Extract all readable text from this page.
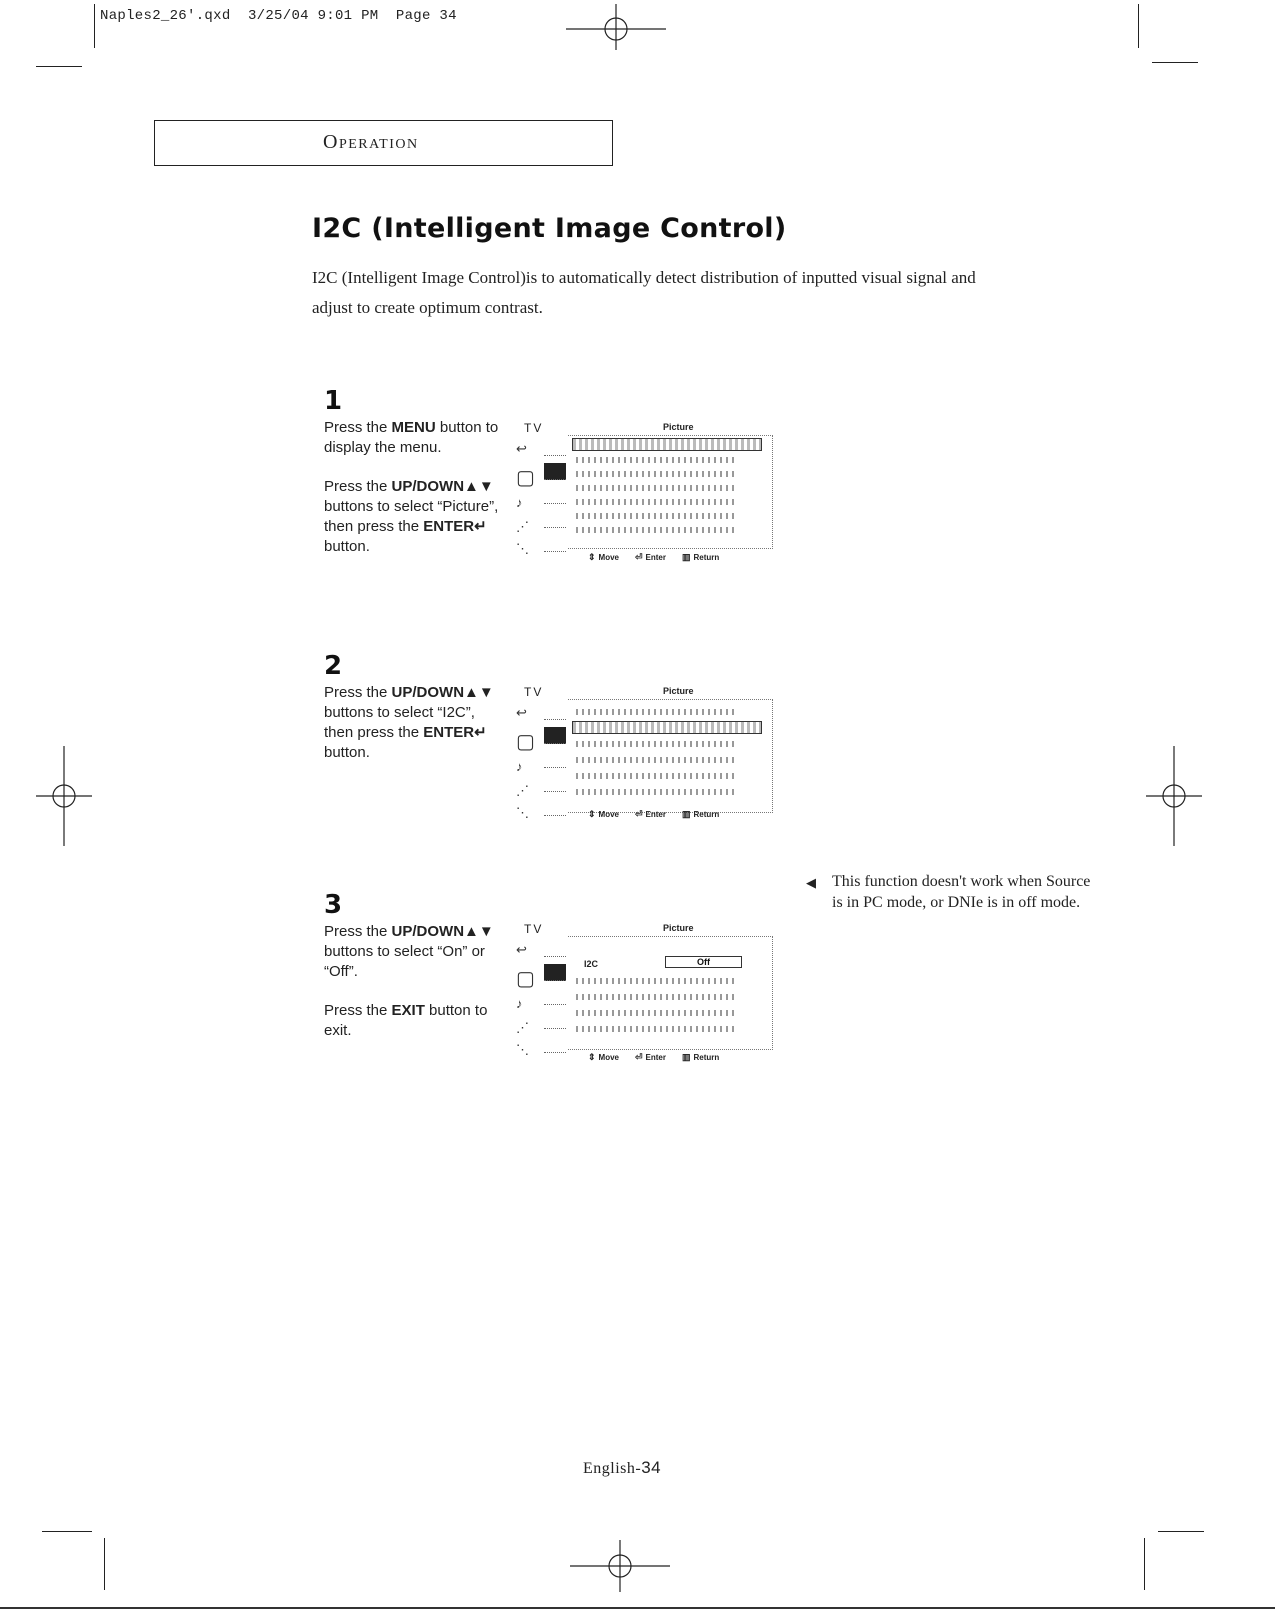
Naples2_26'.qxd 3/25/04 9:01 PM Page 34
Operation
I2C (Intelligent Image Control)
I2C (Intelligent Image Control)is to automatically detect distribution of inputted visual signal and adjust to create optimum contrast.
1

Press the MENU button to display the menu.

Press the UP/DOWN▲▼ buttons to select “Picture”, then press the ENTER↵ button.

TV	Picture
↩
▢
♪
⋰
⋱
⇕ Move ⏎ Enter ▥ Return
2

Press the UP/DOWN▲▼ buttons to select “I2C”, then press the ENTER↵ button.

TV	Picture
↩
▢
♪
⋰
⋱	⇕ Move ⏎ Enter ▥ Return
3

Press the UP/DOWN▲▼ buttons to select “On” or “Off”.

Press the EXIT button to exit.

TV	Picture
↩
▢
♪
⋰
⋱
I2C	Off
⇕ Move ⏎ Enter ▥ Return
◀ This function doesn't work when Source is in PC mode, or DNIe is in off mode.
English-34
